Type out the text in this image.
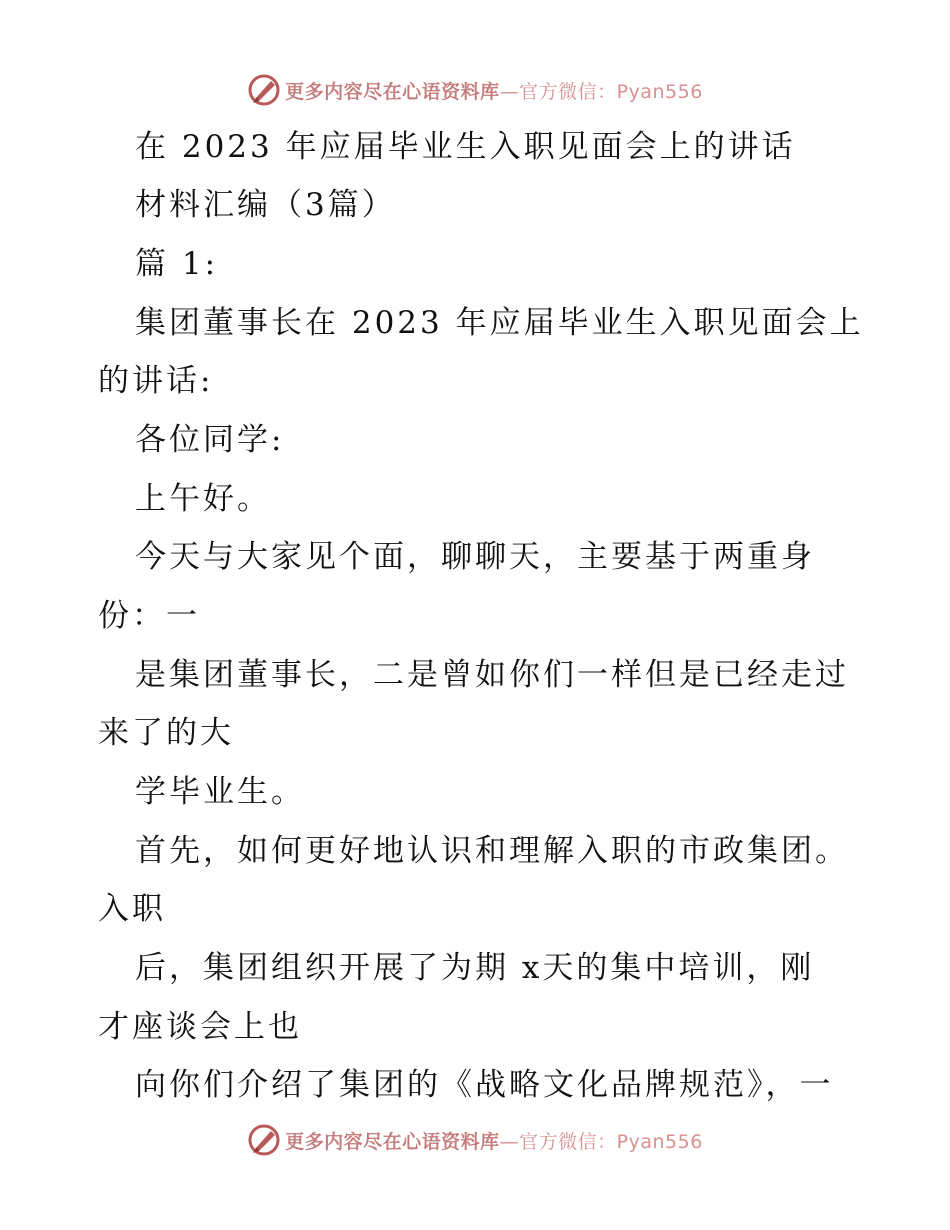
更多内容尽在心语资料库 —官方微信：Pyan556
在 2023 年应届毕业生入职见面会上的讲话
材料汇编（3篇）
篇 1:
集团董事长在 2023 年应届毕业生入职见面会上
的讲话:
各位同学:
上午好。
今天与大家见个面，聊聊天，主要基于两重身
份：一
是集团董事长，二是曾如你们一样但是已经走过
来了的大
学毕业生。
首先，如何更好地认识和理解入职的市政集团。
入职
后，集团组织开展了为期 x天的集中培训，刚
才座谈会上也
向你们介绍了集团的《战略文化品牌规范》，一
更多内容尽在心语资料库 —官方微信：Pyan556
